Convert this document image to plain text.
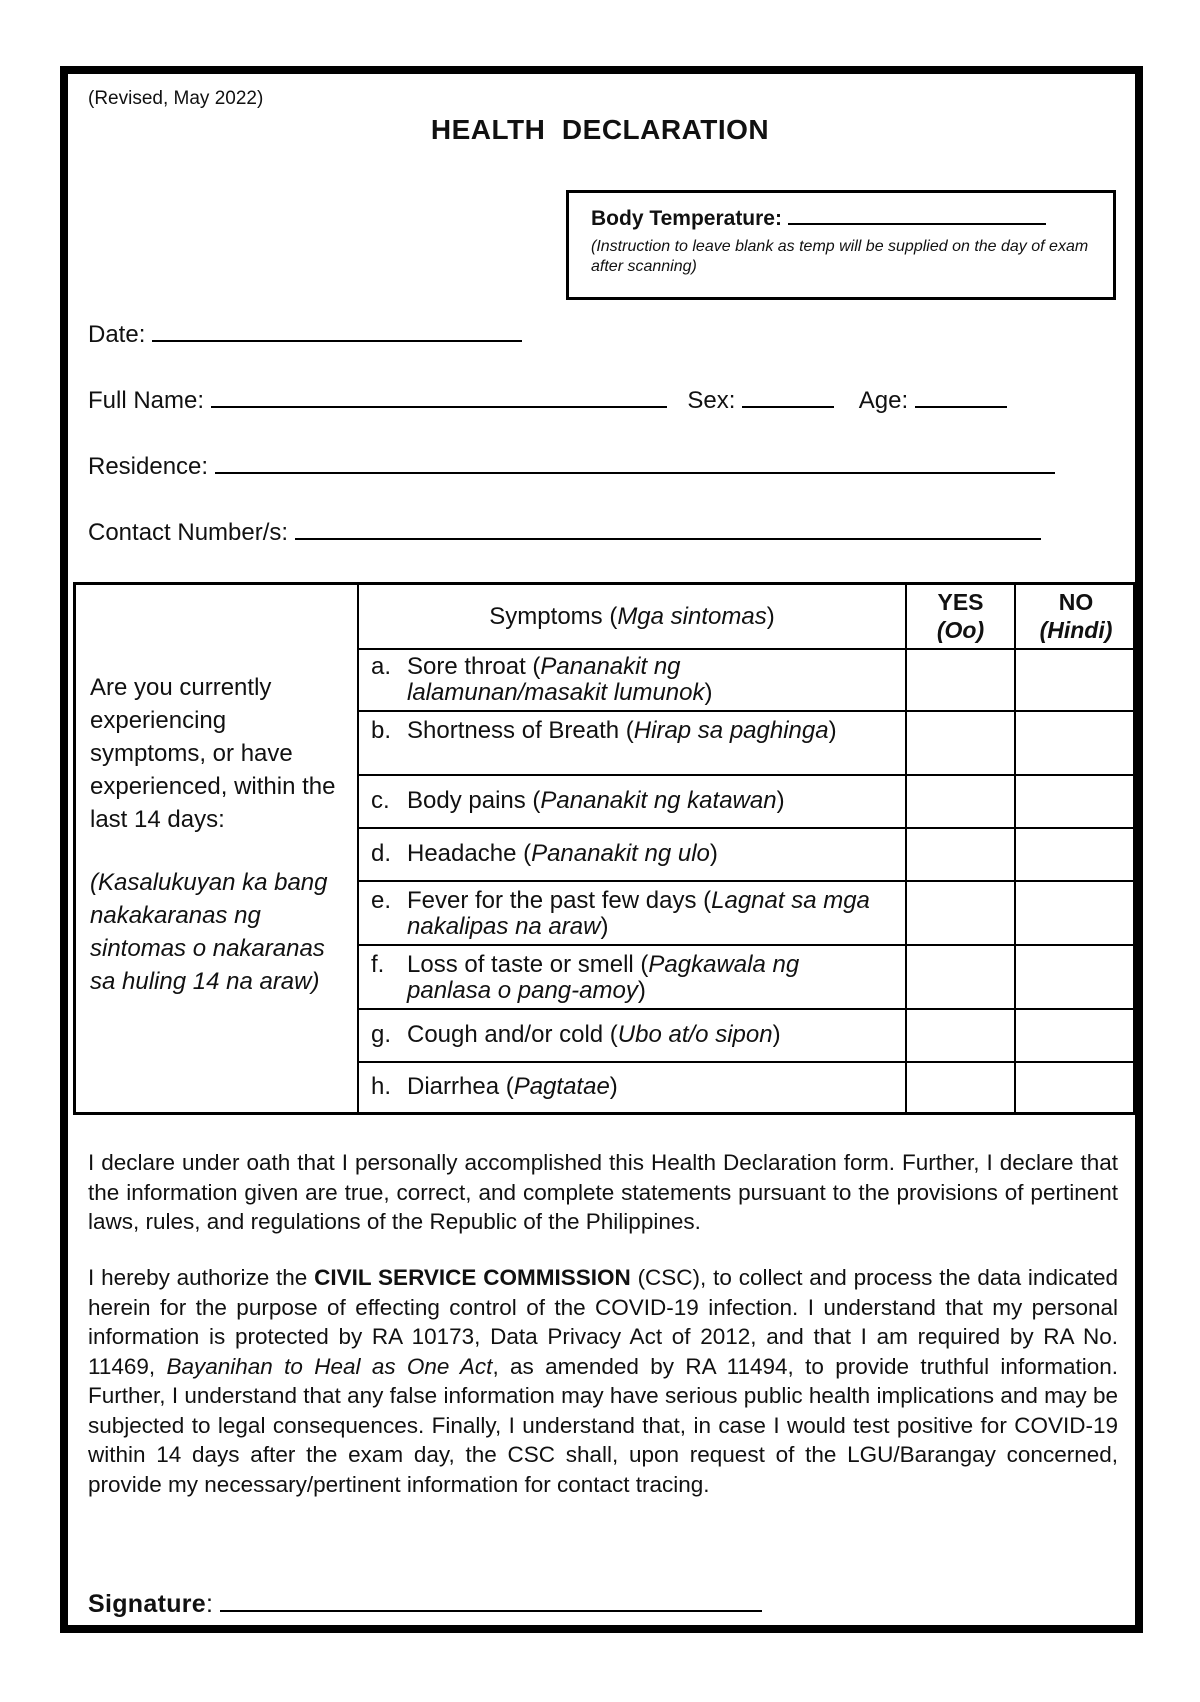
(Revised, May 2022)
HEALTH  DECLARATION
Body Temperature:
(Instruction to leave blank as temp will be supplied on the day of exam after scanning)
Date:
Full Name:	Sex:	Age:
Residence:
Contact Number/s:
Are you currently experiencing symptoms, or have experienced, within the last 14 days:
(Kasalukuyan ka bang nakakaranas ng sintomas o nakaranas sa huling 14 na araw)
Symptoms (Mga sintomas)
YES
(Oo)
NO
(Hindi)
a. Sore throat (Pananakit ng lalamunan/masakit lumunok)
b. Shortness of Breath (Hirap sa paghinga)
c. Body pains (Pananakit ng katawan)
d. Headache (Pananakit ng ulo)
e. Fever for the past few days (Lagnat sa mga nakalipas na araw)
f. Loss of taste or smell (Pagkawala ng panlasa o pang-amoy)
g. Cough and/or cold (Ubo at/o sipon)
h. Diarrhea (Pagtatae)
I declare under oath that I personally accomplished this Health Declaration form. Further, I declare that the information given are true, correct, and complete statements pursuant to the provisions of pertinent laws, rules, and regulations of the Republic of the Philippines.
I hereby authorize the CIVIL SERVICE COMMISSION (CSC), to collect and process the data indicated herein for the purpose of effecting control of the COVID-19 infection. I understand that my personal information is protected by RA 10173, Data Privacy Act of 2012, and that I am required by RA No. 11469, Bayanihan to Heal as One Act, as amended by RA 11494, to provide truthful information. Further, I understand that any false information may have serious public health implications and may be subjected to legal consequences. Finally, I understand that, in case I would test positive for COVID-19 within 14 days after the exam day, the CSC shall, upon request of the LGU/Barangay concerned, provide my necessary/pertinent information for contact tracing.
Signature:
